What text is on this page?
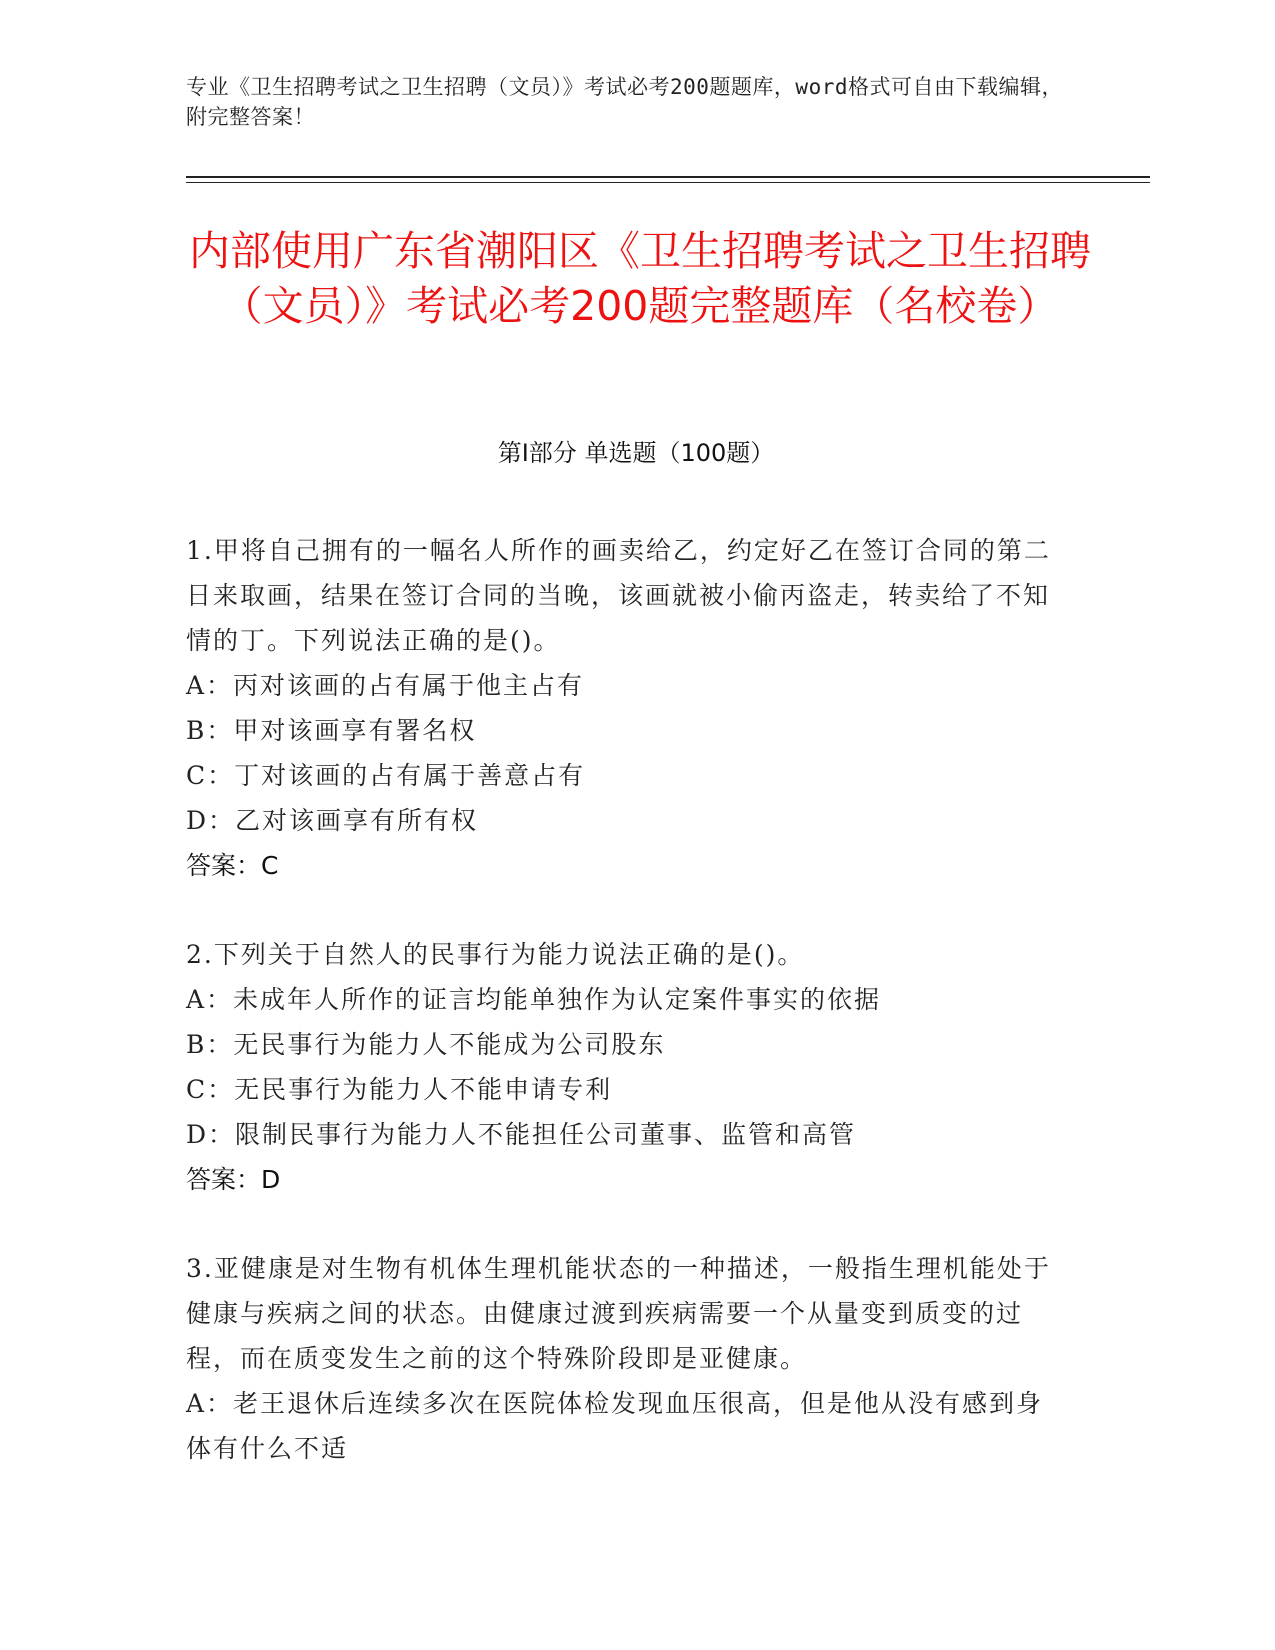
专业《卫生招聘考试之卫生招聘（文员）》考试必考200题题库，word格式可自由下载编辑，附完整答案！
内部使用广东省潮阳区《卫生招聘考试之卫生招聘（文员）》考试必考200题完整题库（名校卷）
第Ⅰ部分 单选题（100题）

1.甲将自己拥有的一幅名人所作的画卖给乙，约定好乙在签订合同的第二日来取画，结果在签订合同的当晚，该画就被小偷丙盗走，转卖给了不知情的丁。下列说法正确的是()。

A：丙对该画的占有属于他主占有

B：甲对该画享有署名权

C：丁对该画的占有属于善意占有

D：乙对该画享有所有权

答案：C

2.下列关于自然人的民事行为能力说法正确的是()。

A：未成年人所作的证言均能单独作为认定案件事实的依据

B：无民事行为能力人不能成为公司股东

C：无民事行为能力人不能申请专利

D：限制民事行为能力人不能担任公司董事、监管和高管

答案：D

3.亚健康是对生物有机体生理机能状态的一种描述，一般指生理机能处于健康与疾病之间的状态。由健康过渡到疾病需要一个从量变到质变的过程，而在质变发生之前的这个特殊阶段即是亚健康。

A：老王退休后连续多次在医院体检发现血压很高，但是他从没有感到身体有什么不适
